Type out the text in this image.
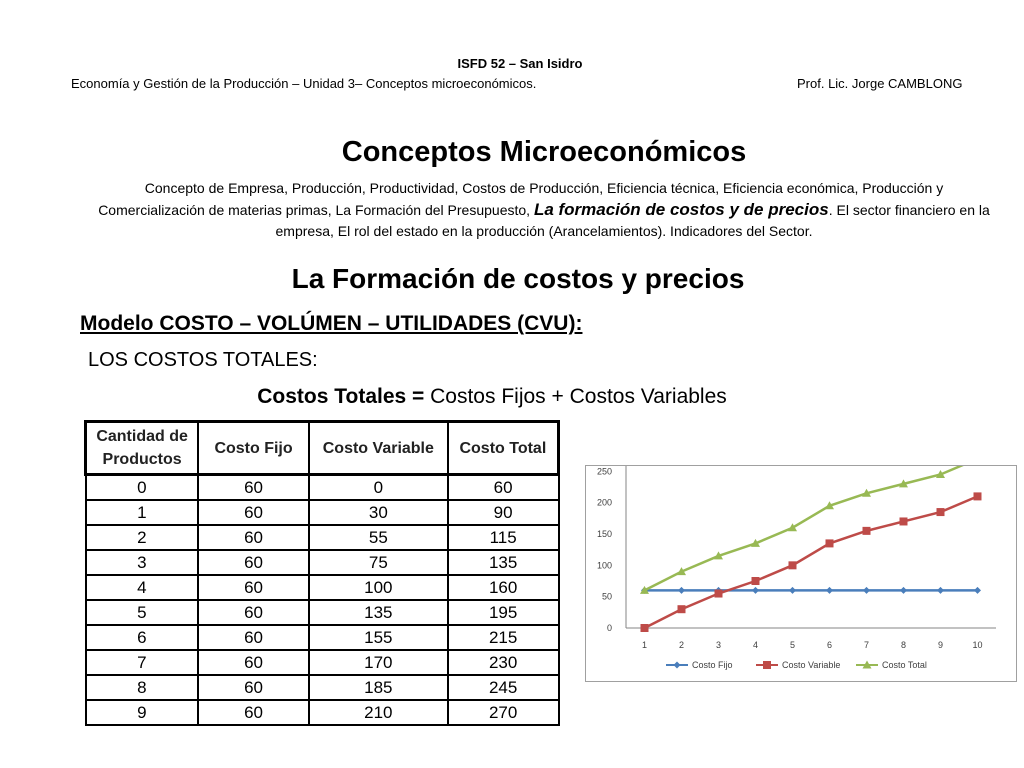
ISFD 52 – San Isidro
Economía y Gestión de la Producción – Unidad 3– Conceptos microeconómicos.	Prof. Lic. Jorge CAMBLONG
Conceptos Microeconómicos
Concepto de Empresa, Producción, Productividad, Costos de Producción, Eficiencia técnica, Eficiencia económica, Producción y Comercialización de materias primas, La Formación del Presupuesto, La formación de costos y de precios. El sector financiero en la empresa, El rol del estado en la producción (Arancelamientos). Indicadores del Sector.
La Formación de costos y precios
Modelo COSTO – VOLÚMEN – UTILIDADES (CVU):
LOS COSTOS TOTALES:
Costos Totales = Costos Fijos + Costos Variables
Cantidad de Productos	Costo Fijo	Costo Variable	Costo Total
0	60	0	60
1	60	30	90
2	60	55	115
3	60	75	135
4	60	100	160
5	60	135	195
6	60	155	215
7	60	170	230
8	60	185	245
9	60	210	270
0
50
100
150
200
250
1	2	3	4	5	6	7	8	9	10
Costo Fijo	Costo Variable	Costo Total
